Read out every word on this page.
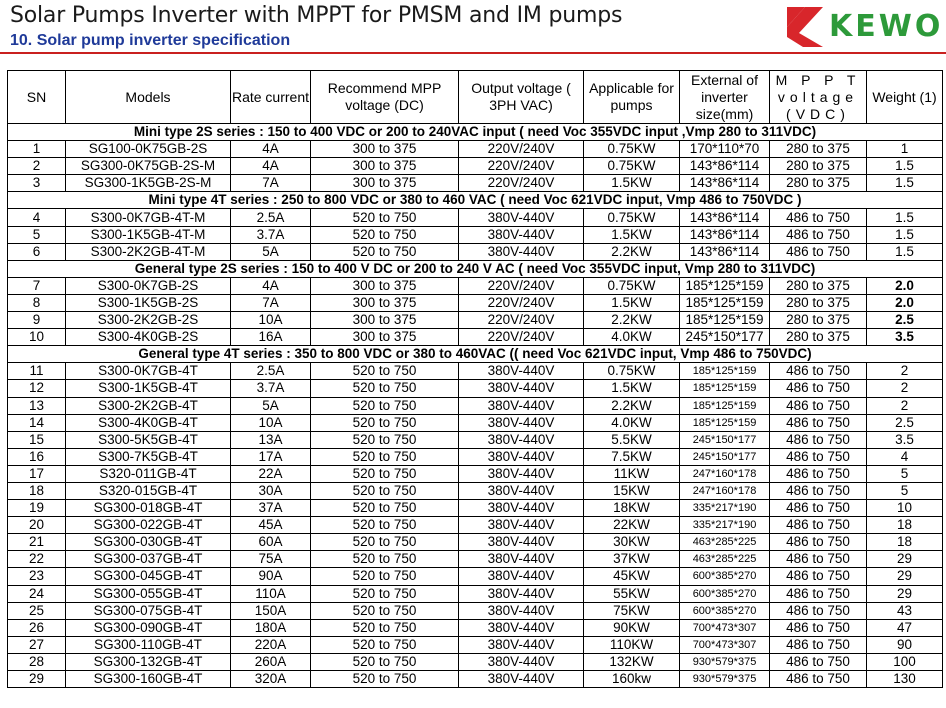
Solar Pumps Inverter with MPPT for PMSM and IM pumps
10. Solar pump inverter specification	KEWO
SN	Models	Rate current	Recommend MPP voltage (DC)	Output voltage ( 3PH VAC)	Applicable for pumps	External of inverter size(mm)	M P P T voltage (VDC)	Weight (1)
Mini type 2S series : 150 to 400 VDC or 200 to 240VAC input ( need Voc 355VDC input ,Vmp 280 to 311VDC)								
1	SG100-0K75GB-2S	4A	300 to 375	220V/240V	0.75KW	170*110*70	280 to 375	1
2	SG300-0K75GB-2S-M	4A	300 to 375	220V/240V	0.75KW	143*86*114	280 to 375	1.5
3	SG300-1K5GB-2S-M	7A	300 to 375	220V/240V	1.5KW	143*86*114	280 to 375	1.5
Mini type 4T series : 250 to 800 VDC or 380 to 460 VAC ( need Voc 621VDC input, Vmp 486 to 750VDC )								
4	S300-0K7GB-4T-M	2.5A	520 to 750	380V-440V	0.75KW	143*86*114	486 to 750	1.5
5	S300-1K5GB-4T-M	3.7A	520 to 750	380V-440V	1.5KW	143*86*114	486 to 750	1.5
6	S300-2K2GB-4T-M	5A	520 to 750	380V-440V	2.2KW	143*86*114	486 to 750	1.5
General type 2S series : 150 to 400 V DC or 200 to 240 V AC ( need Voc 355VDC input, Vmp 280 to 311VDC)								
7	S300-0K7GB-2S	4A	300 to 375	220V/240V	0.75KW	185*125*159	280 to 375	2.0
8	S300-1K5GB-2S	7A	300 to 375	220V/240V	1.5KW	185*125*159	280 to 375	2.0
9	S300-2K2GB-2S	10A	300 to 375	220V/240V	2.2KW	185*125*159	280 to 375	2.5
10	S300-4K0GB-2S	16A	300 to 375	220V/240V	4.0KW	245*150*177	280 to 375	3.5
General type 4T series : 350 to 800 VDC or 380 to 460VAC (( need Voc 621VDC input, Vmp 486 to 750VDC)								
11	S300-0K7GB-4T	2.5A	520 to 750	380V-440V	0.75KW	185*125*159	486 to 750	2
12	S300-1K5GB-4T	3.7A	520 to 750	380V-440V	1.5KW	185*125*159	486 to 750	2
13	S300-2K2GB-4T	5A	520 to 750	380V-440V	2.2KW	185*125*159	486 to 750	2
14	S300-4K0GB-4T	10A	520 to 750	380V-440V	4.0KW	185*125*159	486 to 750	2.5
15	S300-5K5GB-4T	13A	520 to 750	380V-440V	5.5KW	245*150*177	486 to 750	3.5
16	S300-7K5GB-4T	17A	520 to 750	380V-440V	7.5KW	245*150*177	486 to 750	4
17	S320-011GB-4T	22A	520 to 750	380V-440V	11KW	247*160*178	486 to 750	5
18	S320-015GB-4T	30A	520 to 750	380V-440V	15KW	247*160*178	486 to 750	5
19	SG300-018GB-4T	37A	520 to 750	380V-440V	18KW	335*217*190	486 to 750	10
20	SG300-022GB-4T	45A	520 to 750	380V-440V	22KW	335*217*190	486 to 750	18
21	SG300-030GB-4T	60A	520 to 750	380V-440V	30KW	463*285*225	486 to 750	18
22	SG300-037GB-4T	75A	520 to 750	380V-440V	37KW	463*285*225	486 to 750	29
23	SG300-045GB-4T	90A	520 to 750	380V-440V	45KW	600*385*270	486 to 750	29
24	SG300-055GB-4T	110A	520 to 750	380V-440V	55KW	600*385*270	486 to 750	29
25	SG300-075GB-4T	150A	520 to 750	380V-440V	75KW	600*385*270	486 to 750	43
26	SG300-090GB-4T	180A	520 to 750	380V-440V	90KW	700*473*307	486 to 750	47
27	SG300-110GB-4T	220A	520 to 750	380V-440V	110KW	700*473*307	486 to 750	90
28	SG300-132GB-4T	260A	520 to 750	380V-440V	132KW	930*579*375	486 to 750	100
29	SG300-160GB-4T	320A	520 to 750	380V-440V	160kw	930*579*375	486 to 750	130
